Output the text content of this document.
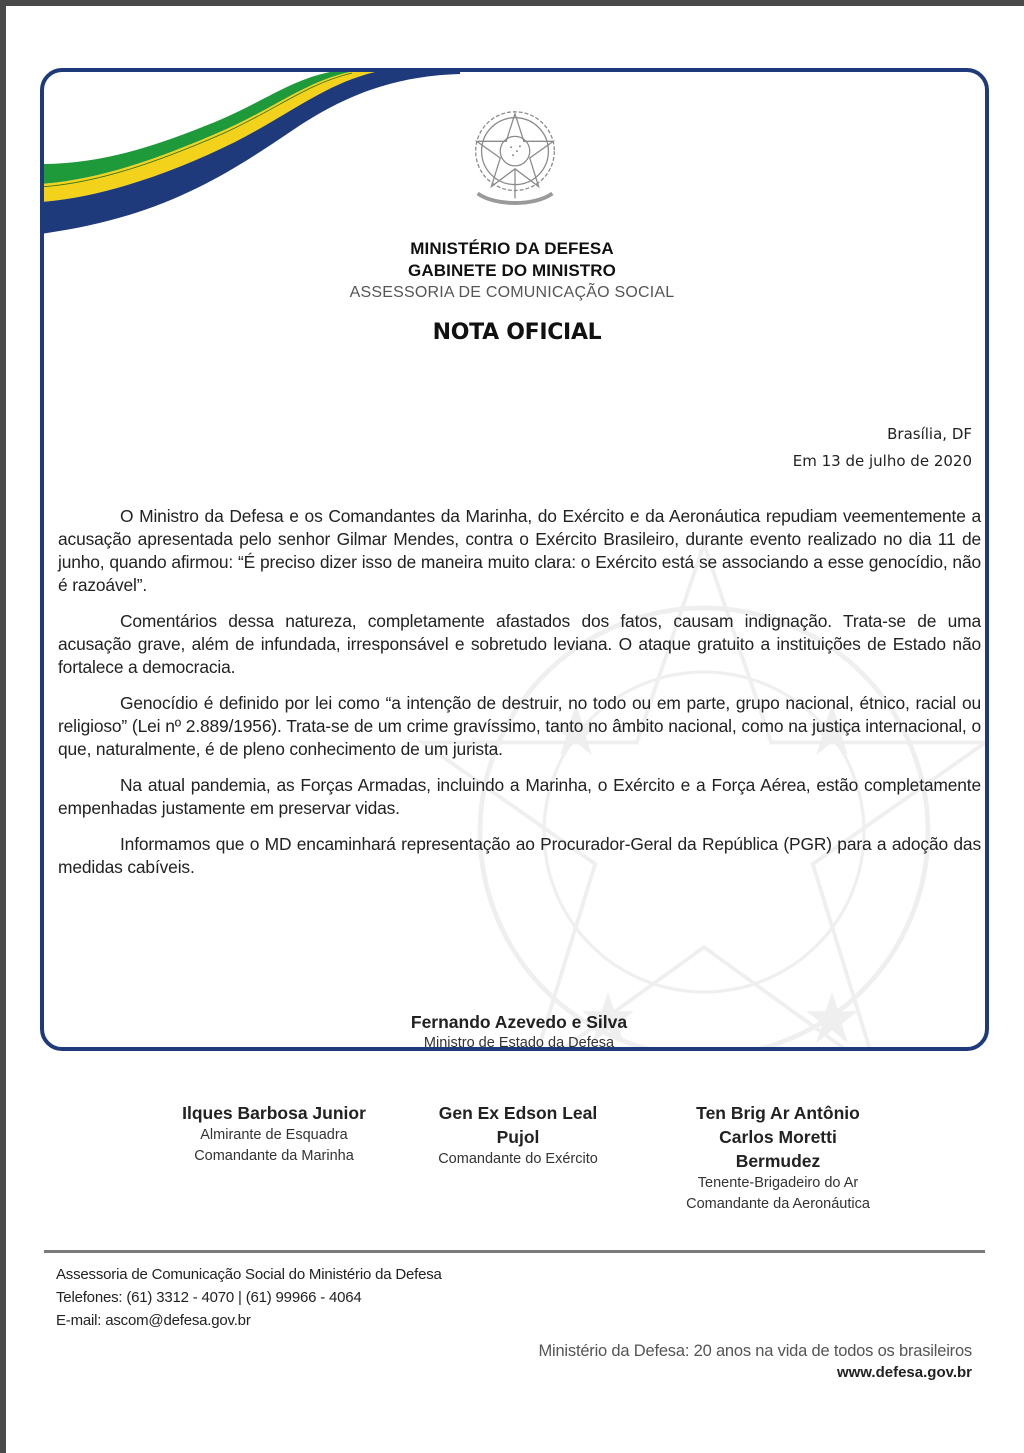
MINISTÉRIO DA DEFESA
GABINETE DO MINISTRO
ASSESSORIA DE COMUNICAÇÃO SOCIAL
NOTA OFICIAL
Brasília, DF
Em 13 de julho de 2020

O Ministro da Defesa e os Comandantes da Marinha, do Exército e da Aeronáutica repudiam veementemente a acusação apresentada pelo senhor Gilmar Mendes, contra o Exército Brasileiro, durante evento realizado no dia 11 de junho, quando afirmou: “É preciso dizer isso de maneira muito clara: o Exército está se associando a esse genocídio, não é razoável”.

Comentários dessa natureza, completamente afastados dos fatos, causam indignação. Trata-se de uma acusação grave, além de infundada, irresponsável e sobretudo leviana. O ataque gratuito a instituições de Estado não fortalece a democracia.

Genocídio é definido por lei como “a intenção de destruir, no todo ou em parte, grupo nacional, étnico, racial ou religioso” (Lei nº 2.889/1956). Trata-se de um crime gravíssimo, tanto no âmbito nacional, como na justiça internacional, o que, naturalmente, é de pleno conhecimento de um jurista.

Na atual pandemia, as Forças Armadas, incluindo a Marinha, o Exército e a Força Aérea, estão completamente empenhadas justamente em preservar vidas.

Informamos que o MD encaminhará representação ao Procurador-Geral da República (PGR) para a adoção das medidas cabíveis.

Fernando Azevedo e Silva
Ministro de Estado da Defesa
Ilques Barbosa Junior
Almirante de Esquadra
Comandante da Marinha
Gen Ex Edson Leal
Pujol
Comandante do Exército
Ten Brig Ar Antônio
Carlos Moretti
Bermudez
Tenente-Brigadeiro do Ar
Comandante da Aeronáutica
Assessoria de Comunicação Social do Ministério da Defesa
Telefones: (61) 3312 - 4070 | (61) 99966 - 4064
E-mail: ascom@defesa.gov.br
Ministério da Defesa: 20 anos na vida de todos os brasileiros
www.defesa.gov.br
